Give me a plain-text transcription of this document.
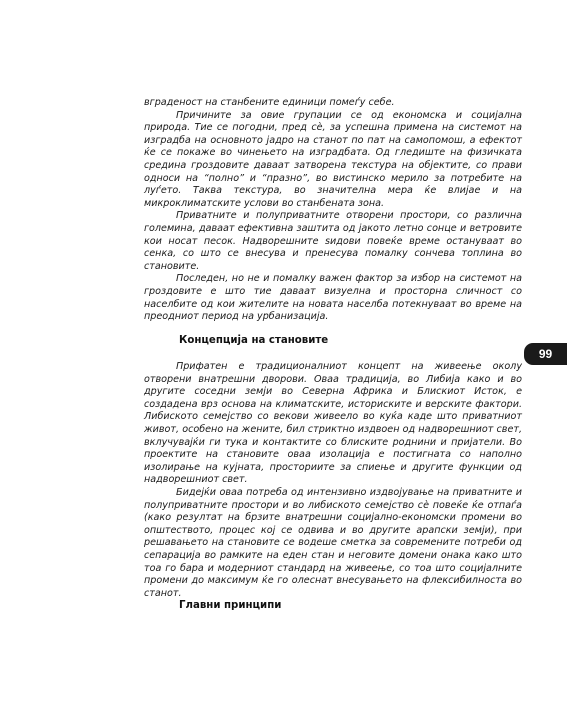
вграденост на станбените единици помеѓу себе.

Причините за овие групации се од економска и социјална природа. Тие се погодни, пред сè, за успешна примена на системот на изградба на основното јадро на станот по пат на самопомош, а ефектот ќе се покаже во чинењето на изградбата. Од гледиште на физичката средина гроздовите даваат затворена текстура на објектите, со прави односи на “полно” и “празно”, во вистинско мерило за потребите на луѓето. Таква текстура, во значителна мера ќе влијае и на микроклиматските услови во станбената зона.

Приватните и полуприватните отворени простори, со различна големина, даваат ефективна заштита од јакото летно сонце и ветровите кои носат песок. Надворешните ѕидови повеќе време остануваат во сенка, со што се внесува и пренесува помалку сончева топлина во становите.

Последен, но не и помалку важен фактор за избор на системот на гроздовите е што тие даваат визуелна и просторна сличност со населбите од кои жителите на новата населба потекнуваат во време на преодниот период на урбанизација.

Концепција на становите
99

Прифатен е традиционалниот концепт на живеење околу отворени внатрешни дворови. Оваа традиција, во Либија како и во другите соседни земји во Северна Африка и Блискиот Исток, е создадена врз основа на климатските, историските и верските фактори. Либиското семејство со векови живеело во куќа каде што приватниот живот, особено на жените, бил стриктно издвоен од надворешниот свет, вклучувајќи ги тука и контактите со блиските роднини и пријатели. Во проектите на становите оваа изолација е постигната со наполно изолирање на кујната, просториите за спиење и другите функции од надворешниот свет.

Бидејќи оваа потреба од интензивно издвојување на приватните и полуприватните простори и во либиското семејство сè повеќе ќе отпаѓа (како резултат на брзите внатрешни социјално-економски промени во општеството, процес кој се одвива и во другите арапски земји), при решавањето на становите се водеше сметка за современите потреби од сепарација во рамките на еден стан и неговите домени онака како што тоа го бара и модерниот стандард на живеење, со тоа што социјалните промени до максимум ќе го олеснат внесувањето на флексибилноста во станот.

Главни принципи
